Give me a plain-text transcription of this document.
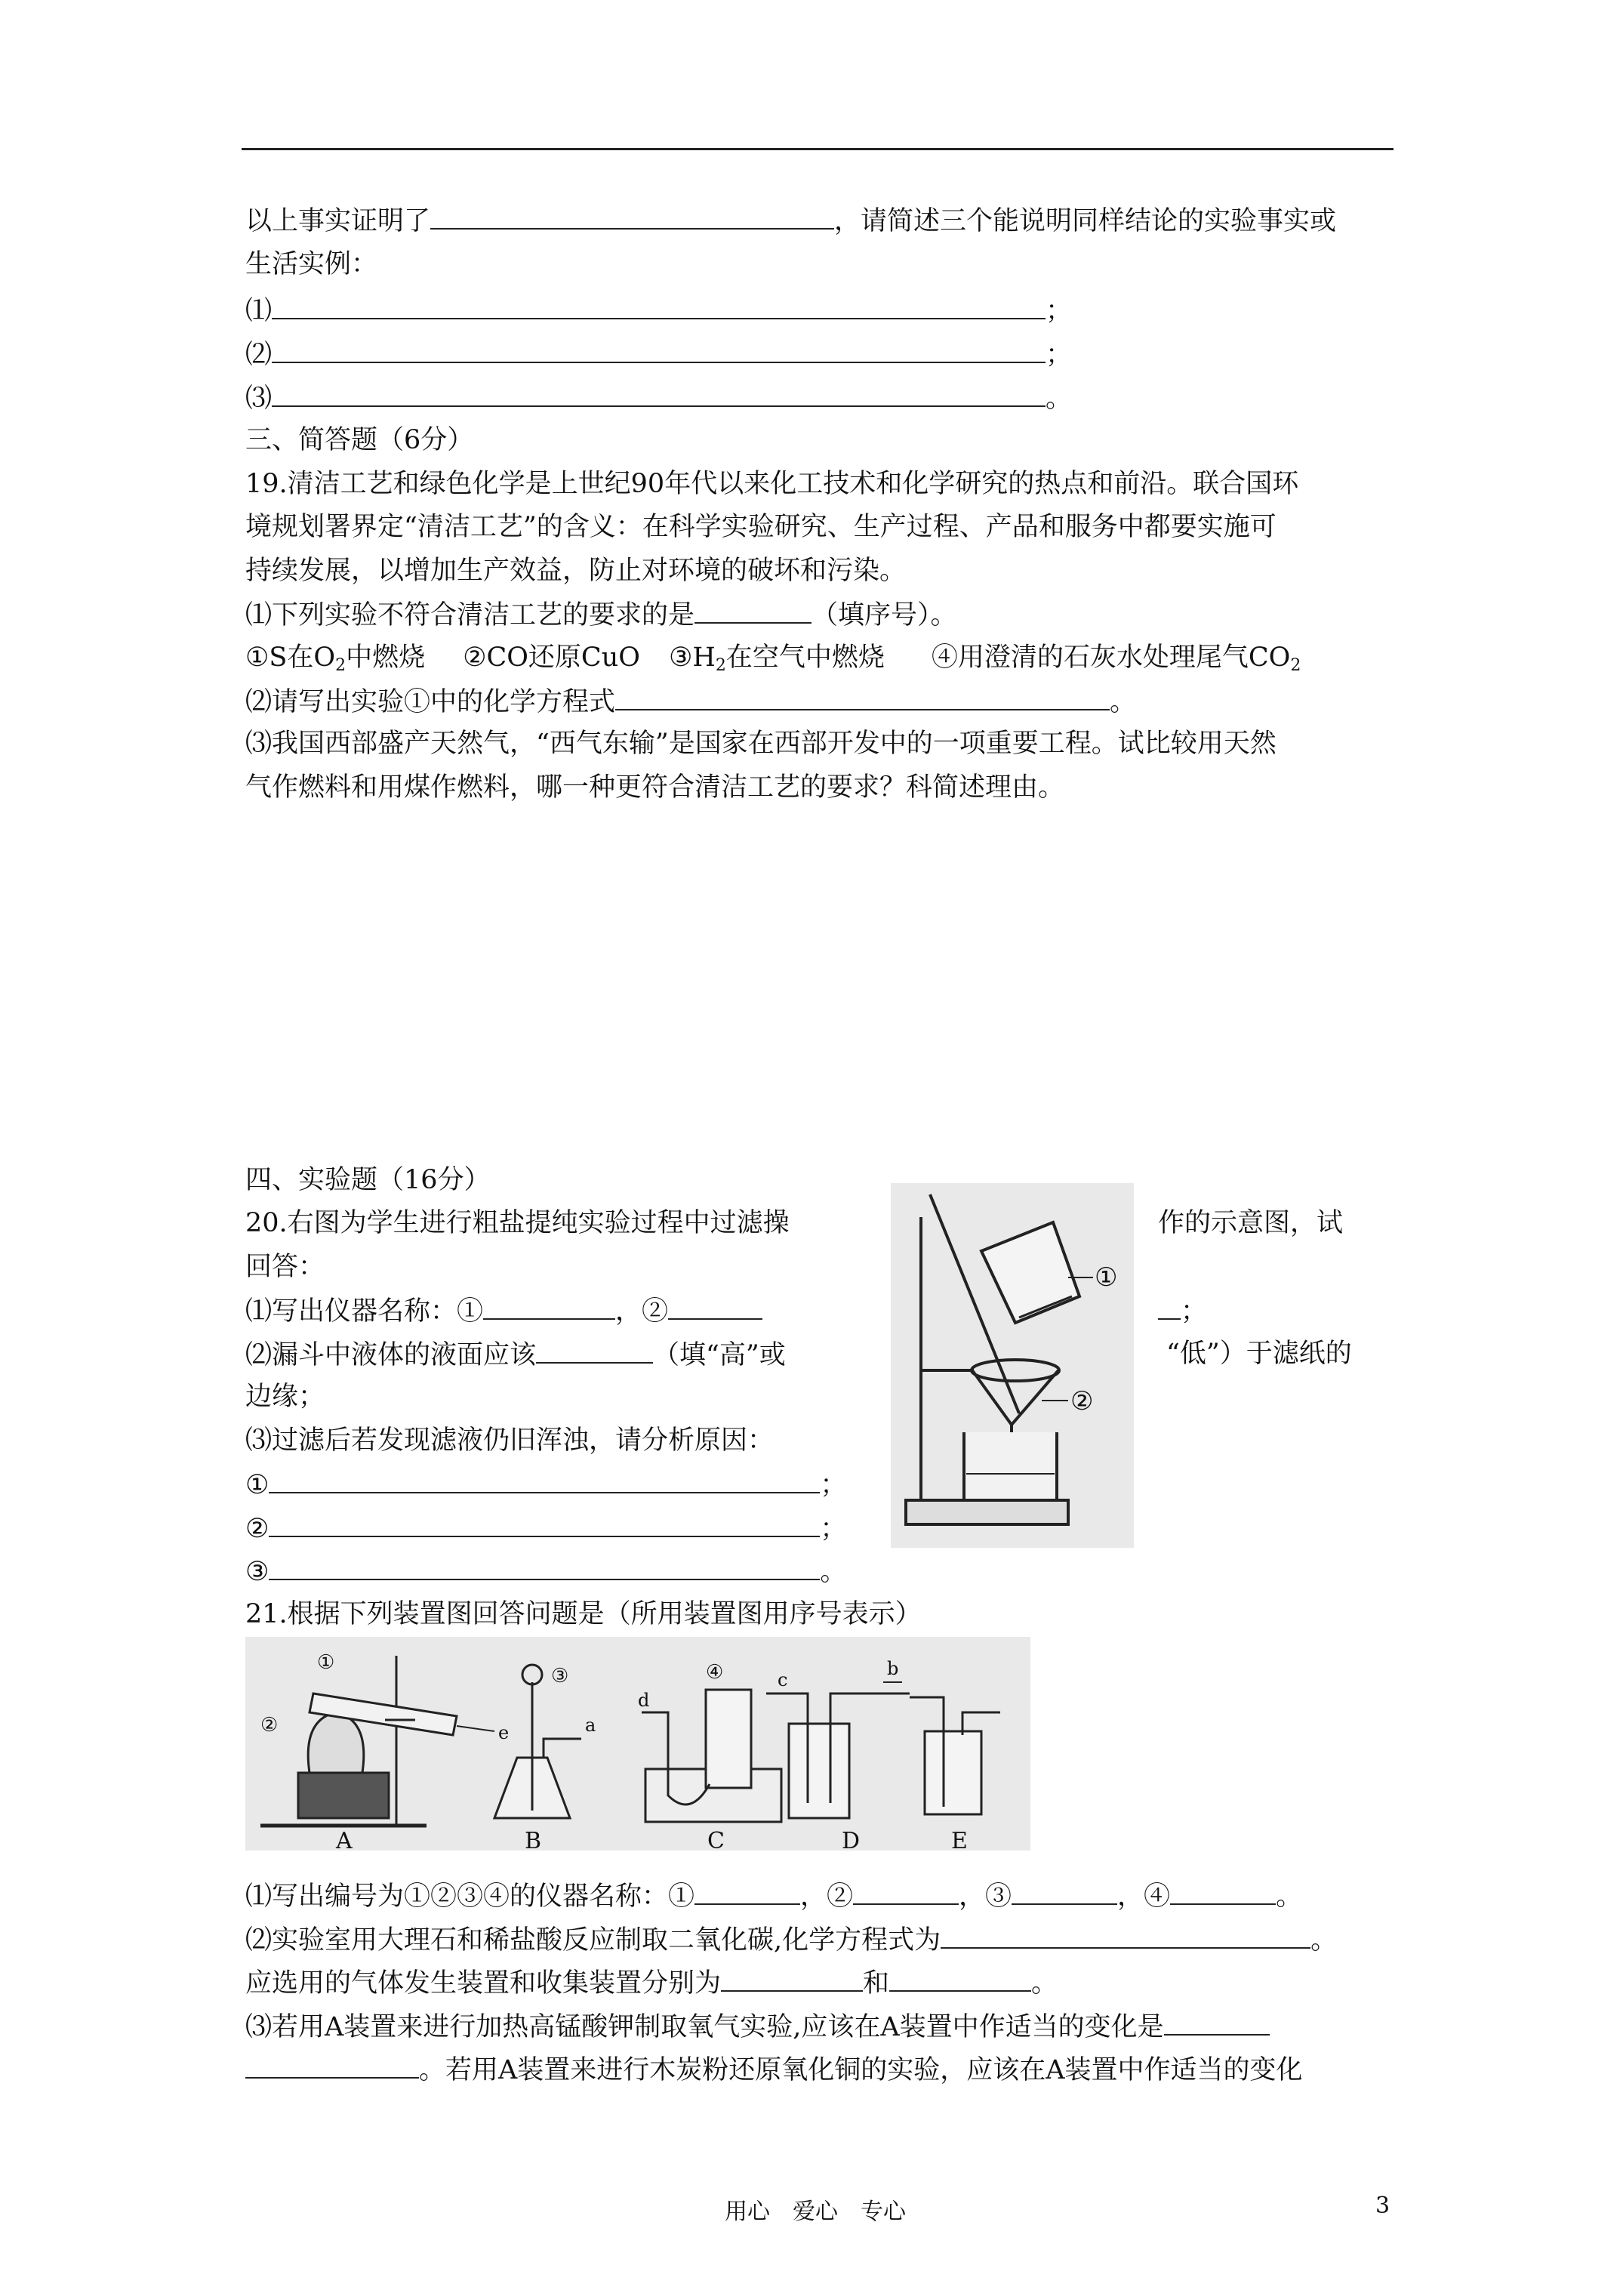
以上事实证明了	，请简述三个能说明同样结论的实验事实或
生活实例：
⑴	；
⑵	；
⑶	。
三、简答题（6分）
19.清洁工艺和绿色化学是上世纪90年代以来化工技术和化学研究的热点和前沿。联合国环
境规划署界定“清洁工艺”的含义：在科学实验研究、生产过程、产品和服务中都要实施可
持续发展，以增加生产效益，防止对环境的破坏和污染。
⑴下列实验不符合清洁工艺的要求的是	（填序号）。
①S在$O_2$中燃烧 ②CO还原CuO $③H_2$在空气中燃烧 ④用澄清的石灰水处理尾气$CO_2$
⑵请写出实验①中的化学方程式	。
⑶我国西部盛产天然气，“西气东输”是国家在西部开发中的一项重要工程。试比较用天然
气作燃料和用煤作燃料，哪一种更符合清洁工艺的要求？科简述理由。
四、实验题（16分）
20.右图为学生进行粗盐提纯实验过程中过滤操	作的示意图，试
回答：
⑴写出仪器名称：①	，②	；
⑵漏斗中液体的液面应该	（填“高”或	“低”）于滤纸的
边缘；
⑶过滤后若发现滤液仍旧浑浊，请分析原因：
①	；
②	；
③	。
①
②
21.根据下列装置图回答问题是（所用装置图用序号表示）
A	B	C	D	E
①
②
③	④
a
b
c
d
e
⑴写出编号为①②③④的仪器名称：①	，②	，③	，④	。
⑵实验室用大理石和稀盐酸反应制取二氧化碳,化学方程式为	。
应选用的气体发生装置和收集装置分别为	和	。
⑶若用A装置来进行加热高锰酸钾制取氧气实验,应该在A装置中作适当的变化是
。若用A装置来进行木炭粉还原氧化铜的实验，应该在A装置中作适当的变化
用心　爱心　专心	3
